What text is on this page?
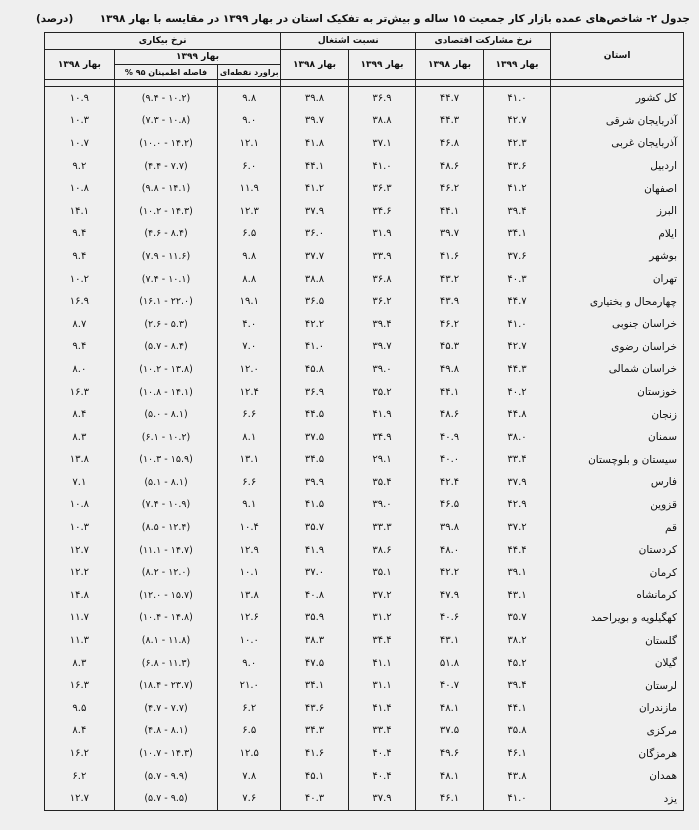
جدول ۲- شاخص‌های عمده بازار کار جمعیت ۱۵ ساله و بیش‌تر به تفکیک استان در بهار ۱۳۹۹ در مقایسه با بهار ۱۳۹۸
(درصد)
استان	نرخ مشارکت اقتصادی		نسبت اشتغال		نرخ بیکاری		
	بهار ۱۳۹۹	بهار ۱۳۹۸	بهار ۱۳۹۹	بهار ۱۳۹۸	بهار ۱۳۹۹		بهار ۱۳۹۸
					براورد نقطه‌ای	فاصله اطمینان ۹۵ %	

کل کشور	۴۱.۰	۴۴.۷	۳۶.۹	۳۹.۸	۹.۸	(۱۰.۲ - ۹.۴)	۱۰.۹
آذربایجان شرقی	۴۲.۷	۴۴.۳	۳۸.۸	۳۹.۷	۹.۰	(۱۰.۸ - ۷.۳)	۱۰.۳
آذربایجان غربی	۴۲.۳	۴۶.۸	۳۷.۱	۴۱.۸	۱۲.۱	(۱۴.۲ - ۱۰.۰)	۱۰.۷
اردبیل	۴۳.۶	۴۸.۶	۴۱.۰	۴۴.۱	۶.۰	(۷.۷ - ۴.۴)	۹.۲
اصفهان	۴۱.۲	۴۶.۲	۳۶.۳	۴۱.۲	۱۱.۹	(۱۴.۱ - ۹.۸)	۱۰.۸
البرز	۳۹.۴	۴۴.۱	۳۴.۶	۳۷.۹	۱۲.۳	(۱۴.۳ - ۱۰.۲)	۱۴.۱
ایلام	۳۴.۱	۳۹.۷	۳۱.۹	۳۶.۰	۶.۵	(۸.۴ - ۴.۶)	۹.۴
بوشهر	۳۷.۶	۴۱.۶	۳۳.۹	۳۷.۷	۹.۸	(۱۱.۶ - ۷.۹)	۹.۴
تهران	۴۰.۳	۴۳.۲	۳۶.۸	۳۸.۸	۸.۸	(۱۰.۱ - ۷.۴)	۱۰.۲
چهارمحال و بختیاری	۴۴.۷	۴۳.۹	۳۶.۲	۳۶.۵	۱۹.۱	(۲۲.۰ - ۱۶.۱)	۱۶.۹
خراسان جنوبی	۴۱.۰	۴۶.۲	۳۹.۴	۴۲.۲	۴.۰	(۵.۳ - ۲.۶)	۸.۷
خراسان رضوی	۴۲.۷	۴۵.۳	۳۹.۷	۴۱.۰	۷.۰	(۸.۴ - ۵.۷)	۹.۴
خراسان شمالی	۴۴.۳	۴۹.۸	۳۹.۰	۴۵.۸	۱۲.۰	(۱۳.۸ - ۱۰.۲)	۸.۰
خوزستان	۴۰.۲	۴۴.۱	۳۵.۲	۳۶.۹	۱۲.۴	(۱۴.۱ - ۱۰.۸)	۱۶.۳
زنجان	۴۴.۸	۴۸.۶	۴۱.۹	۴۴.۵	۶.۶	(۸.۱ - ۵.۰)	۸.۴
سمنان	۳۸.۰	۴۰.۹	۳۴.۹	۳۷.۵	۸.۱	(۱۰.۲ - ۶.۱)	۸.۳
سیستان و بلوچستان	۳۳.۴	۴۰.۰	۲۹.۱	۳۴.۵	۱۳.۱	(۱۵.۹ - ۱۰.۳)	۱۳.۸
فارس	۳۷.۹	۴۲.۴	۳۵.۴	۳۹.۹	۶.۶	(۸.۱ - ۵.۱)	۷.۱
قزوین	۴۲.۹	۴۶.۵	۳۹.۰	۴۱.۵	۹.۱	(۱۰.۹ - ۷.۴)	۱۰.۸
قم	۳۷.۲	۳۹.۸	۳۳.۳	۳۵.۷	۱۰.۴	(۱۲.۴ - ۸.۵)	۱۰.۳
کردستان	۴۴.۴	۴۸.۰	۳۸.۶	۴۱.۹	۱۲.۹	(۱۴.۷ - ۱۱.۱)	۱۲.۷
کرمان	۳۹.۱	۴۲.۲	۳۵.۱	۳۷.۰	۱۰.۱	(۱۲.۰ - ۸.۲)	۱۲.۲
کرمانشاه	۴۳.۱	۴۷.۹	۳۷.۲	۴۰.۸	۱۳.۸	(۱۵.۷ - ۱۲.۰)	۱۴.۸
کهگیلویه و بویراحمد	۳۵.۷	۴۰.۶	۳۱.۲	۳۵.۹	۱۲.۶	(۱۴.۸ - ۱۰.۴)	۱۱.۷
گلستان	۳۸.۲	۴۳.۱	۳۴.۴	۳۸.۳	۱۰.۰	(۱۱.۸ - ۸.۱)	۱۱.۳
گیلان	۴۵.۲	۵۱.۸	۴۱.۱	۴۷.۵	۹.۰	(۱۱.۳ - ۶.۸)	۸.۳
لرستان	۳۹.۴	۴۰.۷	۳۱.۱	۳۴.۱	۲۱.۰	(۲۳.۷ - ۱۸.۴)	۱۶.۳
مازندران	۴۴.۱	۴۸.۱	۴۱.۴	۴۳.۶	۶.۲	(۷.۷ - ۴.۷)	۹.۵
مرکزی	۳۵.۸	۳۷.۵	۳۳.۴	۳۴.۳	۶.۵	(۸.۱ - ۴.۸)	۸.۴
هرمزگان	۴۶.۱	۴۹.۶	۴۰.۴	۴۱.۶	۱۲.۵	(۱۴.۳ - ۱۰.۷)	۱۶.۲
همدان	۴۳.۸	۴۸.۱	۴۰.۴	۴۵.۱	۷.۸	(۹.۹ - ۵.۷)	۶.۲
یزد	۴۱.۰	۴۶.۱	۳۷.۹	۴۰.۳	۷.۶	(۹.۵ - ۵.۷)	۱۲.۷
